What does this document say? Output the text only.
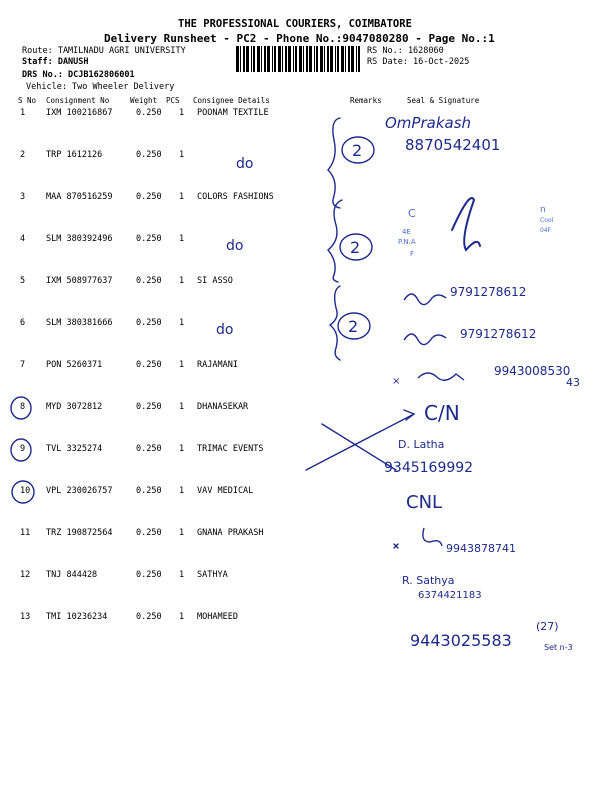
THE PROFESSIONAL COURIERS, COIMBATORE
Delivery Runsheet - PC2 - Phone No.:9047080280 - Page No.:1
Route: TAMILNADU AGRI UNIVERSITY
Staff: DANUSH
DRS No.: DCJB162806001
Vehicle: Two Wheeler Delivery
RS No.: 1628060
RS Date: 16-Oct-2025
S No Consignment No	Weight PCS Consignee Details	Remarks	Seal & Signature
1 IXM 100216867	0.250 1 POONAM TEXTILE
2 TRP 1612126	0.250 1
3 MAA 870516259	0.250 1 COLORS FASHIONS
4 SLM 380392496	0.250 1
5 IXM 508977637	0.250 1 SI ASSO
6 SLM 380381666	0.250 1
7 PON 5260371	0.250 1 RAJAMANI
8 MYD 3072812	0.250 1 DHANASEKAR
9 TVL 3325274	0.250 1 TRIMAC EVENTS
10 VPL 230026757	0.250 1 VAV MEDICAL
11 TRZ 190872564	0.250 1 GNANA PRAKASH
12 TNJ 844428	0.250 1 SATHYA
13 TMI 10236234	0.250 1 MOHAMEED
C
4E
P.N.A
F
n
Cool
04F
do
do
do
2
2
2
OmPrakash
8870542401
9791278612
9791278612
9943008530
43
×
C/N
D. Latha
9345169992
CNL
9943878741
R. Sathya
6374421183
9443025583
(27)
Set n-3
